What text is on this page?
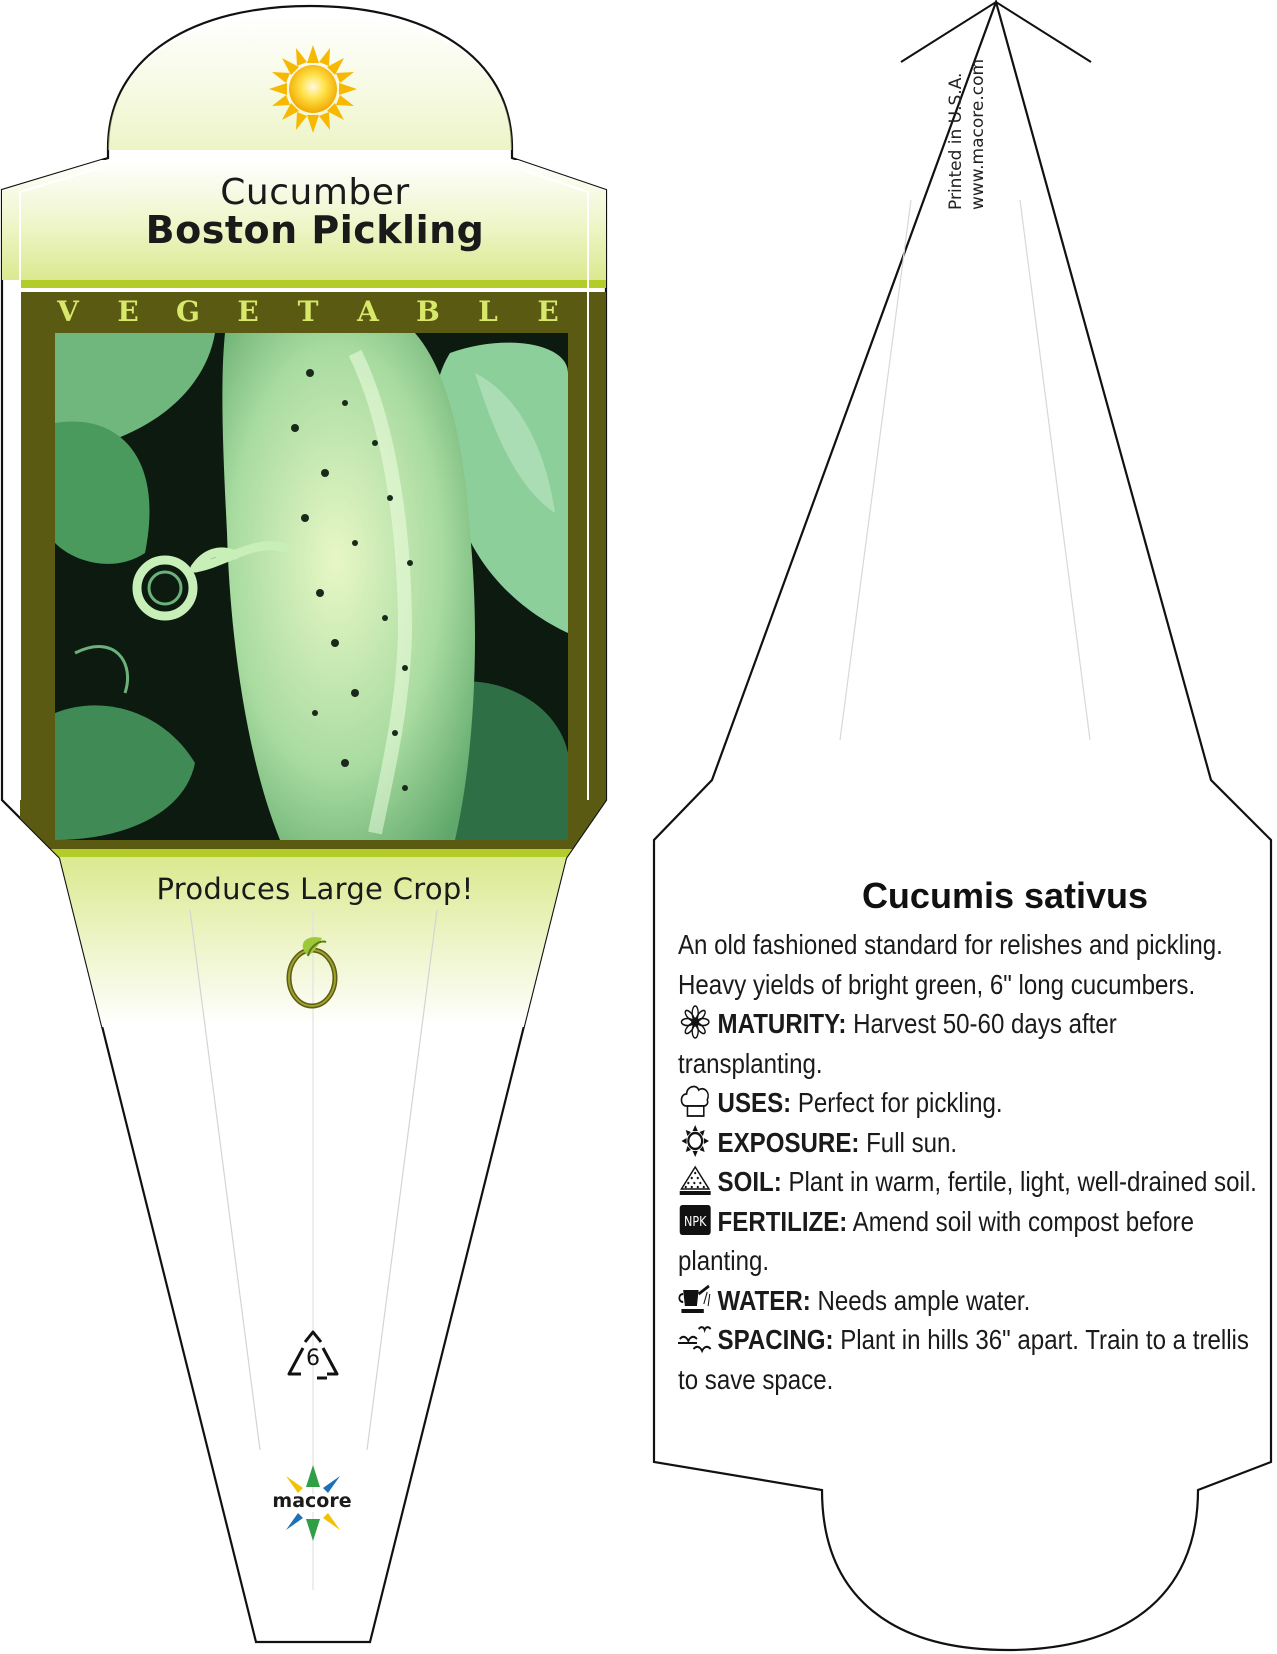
Cucumber
Boston Pickling
V	E	G	E	T	A	B	L	E
Produces Large Crop!
6
macore
Printed in U.S.A. www.macore.com
Cucumis sativus

An old fashioned standard for relishes and pickling. Heavy yields of bright green, 6" long cucumbers.

MATURITY: Harvest 50-60 days after transplanting.

USES: Perfect for pickling.

EXPOSURE: Full sun.

SOIL: Plant in warm, fertile, light, well-drained soil.

NPK FERTILIZE: Amend soil with compost before planting.

WATER: Needs ample water.

SPACING: Plant in hills 36" apart. Train to a trellis to save space.
